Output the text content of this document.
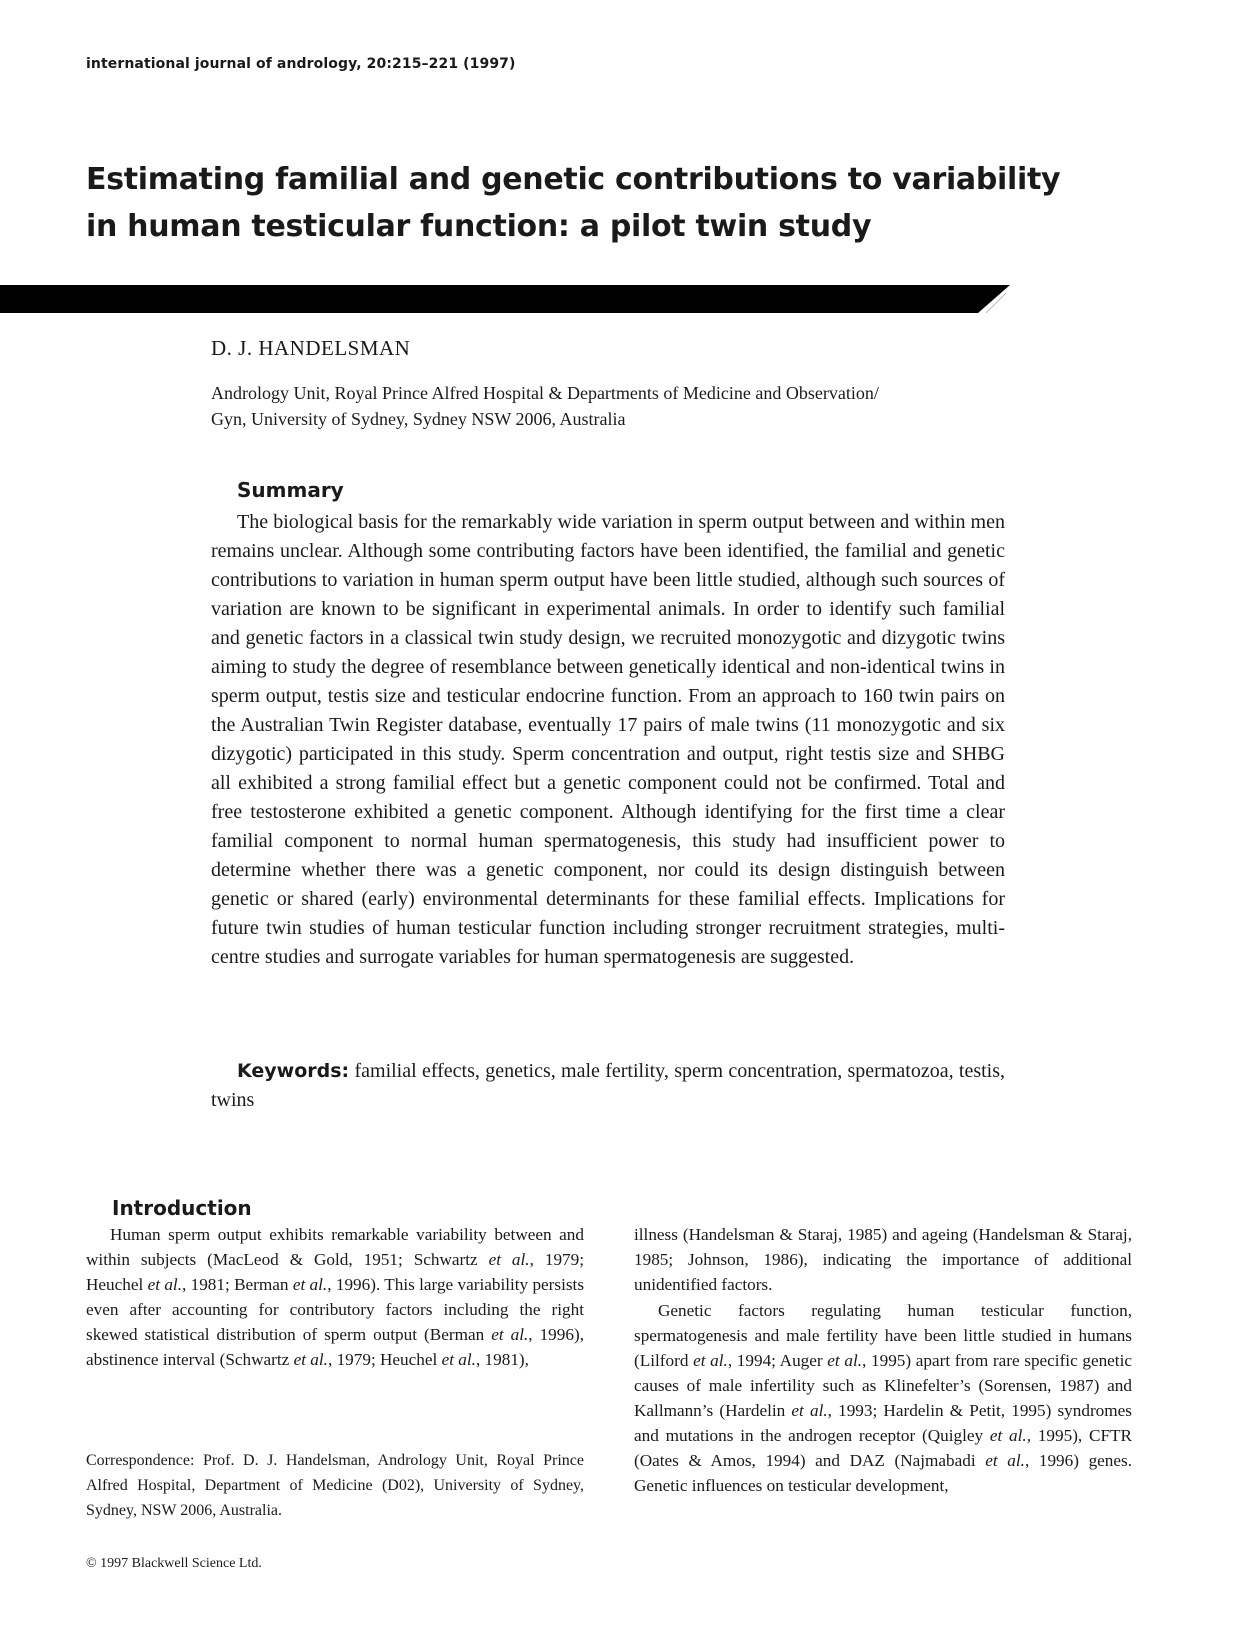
international journal of andrology, 20:215–221 (1997)
Estimating familial and genetic contributions to variability
in human testicular function: a pilot twin study
D. J. HANDELSMAN
Andrology Unit, Royal Prince Alfred Hospital & Departments of Medicine and Observation/
Gyn, University of Sydney, Sydney NSW 2006, Australia
Summary

The biological basis for the remarkably wide variation in sperm output between and within men remains unclear. Although some contributing factors have been identified, the familial and genetic contributions to variation in human sperm output have been little studied, although such sources of variation are known to be significant in experimental animals. In order to identify such familial and genetic factors in a classical twin study design, we recruited monozygotic and dizygotic twins aiming to study the degree of resemblance between genetically identical and non-identical twins in sperm output, testis size and testicular endocrine function. From an approach to 160 twin pairs on the Australian Twin Register database, eventually 17 pairs of male twins (11 monozygotic and six dizygotic) participated in this study. Sperm concentration and output, right testis size and SHBG all exhibited a strong familial effect but a genetic component could not be confirmed. Total and free testosterone exhibited a genetic component. Although identifying for the first time a clear familial component to normal human spermatogenesis, this study had insufficient power to determine whether there was a genetic component, nor could its design distinguish between genetic or shared (early) environmental determinants for these familial effects. Implications for future twin studies of human testicular function including stronger recruitment strategies, multi-centre studies and surrogate variables for human spermatogenesis are suggested.

Keywords: familial effects, genetics, male fertility, sperm concentration, spermatozoa, testis, twins

Introduction

Human sperm output exhibits remarkable variability between and within subjects (MacLeod & Gold, 1951; Schwartz et al., 1979; Heuchel et al., 1981; Berman et al., 1996). This large variability persists even after accounting for contributory factors including the right skewed statistical distribution of sperm output (Berman et al., 1996), abstinence interval (Schwartz et al., 1979; Heuchel et al., 1981),

illness (Handelsman & Staraj, 1985) and ageing (Handelsman & Staraj, 1985; Johnson, 1986), indicating the importance of additional unidentified factors.

Genetic factors regulating human testicular function, spermatogenesis and male fertility have been little studied in humans (Lilford et al., 1994; Auger et al., 1995) apart from rare specific genetic causes of male infertility such as Klinefelter’s (Sorensen, 1987) and Kallmann’s (Hardelin et al., 1993; Hardelin & Petit, 1995) syndromes and mutations in the androgen receptor (Quigley et al., 1995), CFTR (Oates & Amos, 1994) and DAZ (Najmabadi et al., 1996) genes. Genetic influences on testicular development,

Correspondence: Prof. D. J. Handelsman, Andrology Unit, Royal Prince Alfred Hospital, Department of Medicine (D02), University of Sydney, Sydney, NSW 2006, Australia.

© 1997 Blackwell Science Ltd.
